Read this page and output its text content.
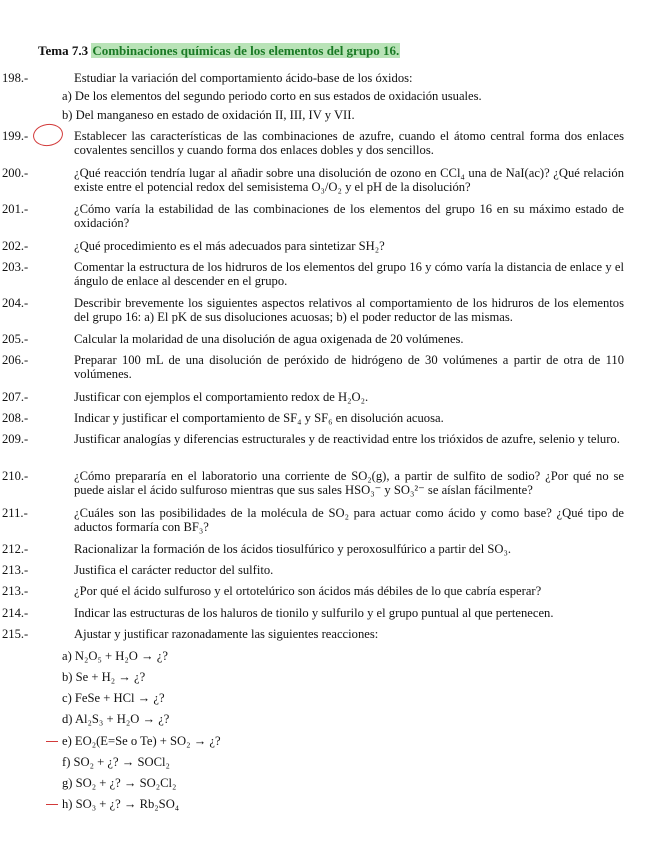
Tema 7.3 Combinaciones químicas de los elementos del grupo 16.
198.-	Estudiar la variación del comportamiento ácido-base de los óxidos:
a) De los elementos del segundo periodo corto en sus estados de oxidación usuales.
b) Del manganeso en estado de oxidación II, III, IV y VII.
199.-	Establecer las características de las combinaciones de azufre, cuando el átomo central forma dos enlaces covalentes sencillos y cuando forma dos enlaces dobles y dos sencillos.
200.-	¿Qué reacción tendría lugar al añadir sobre una disolución de ozono en CCl₄ una de NaI(ac)? ¿Qué relación existe entre el potencial redox del semisistema O₃/O₂ y el pH de la disolución?
201.-	¿Cómo varía la estabilidad de las combinaciones de los elementos del grupo 16 en su máximo estado de oxidación?
202.-	¿Qué procedimiento es el más adecuados para sintetizar SH₂?
203.-	Comentar la estructura de los hidruros de los elementos del grupo 16 y cómo varía la distancia de enlace y el ángulo de enlace al descender en el grupo.
204.-	Describir brevemente los siguientes aspectos relativos al comportamiento de los hidruros de los elementos del grupo 16: a) El pK de sus disoluciones acuosas; b) el poder reductor de las mismas.
205.-	Calcular la molaridad de una disolución de agua oxigenada de 20 volúmenes.
206.-	Preparar 100 mL de una disolución de peróxido de hidrógeno de 30 volúmenes a partir de otra de 110 volúmenes.
207.-	Justificar con ejemplos el comportamiento redox de H₂O₂.
208.-	Indicar y justificar el comportamiento de SF₄ y SF₆ en disolución acuosa.
209.-	Justificar analogías y diferencias estructurales y de reactividad entre los trióxidos de azufre, selenio y teluro.
210.-	¿Cómo prepararía en el laboratorio una corriente de SO₂(g), a partir de sulfito de sodio? ¿Por qué no se puede aislar el ácido sulfuroso mientras que sus sales HSO₃⁻ y SO₃²⁻ se aíslan fácilmente?
211.-	¿Cuáles son las posibilidades de la molécula de SO₂ para actuar como ácido y como base? ¿Qué tipo de aductos formaría con BF₃?
212.-	Racionalizar la formación de los ácidos tiosulfúrico y peroxosulfúrico a partir del SO₃.
213.-	Justifica el carácter reductor del sulfito.
213.-	¿Por qué el ácido sulfuroso y el ortotelúrico son ácidos más débiles de lo que cabría esperar?
214.-	Indicar las estructuras de los haluros de tionilo y sulfurilo y el grupo puntual al que pertenecen.
215.-	Ajustar y justificar razonadamente las siguientes reacciones:
a) N₂O₅ + H₂O → ¿?
b) Se + H₂ → ¿?
c) FeSe + HCl → ¿?
d) Al₂S₃ + H₂O → ¿?
e) EO₂(E=Se o Te) + SO₂ → ¿?
f) SO₂ + ¿? → SOCl₂
g) SO₂ + ¿? → SO₂Cl₂
h) SO₃ + ¿? → Rb₂SO₄
